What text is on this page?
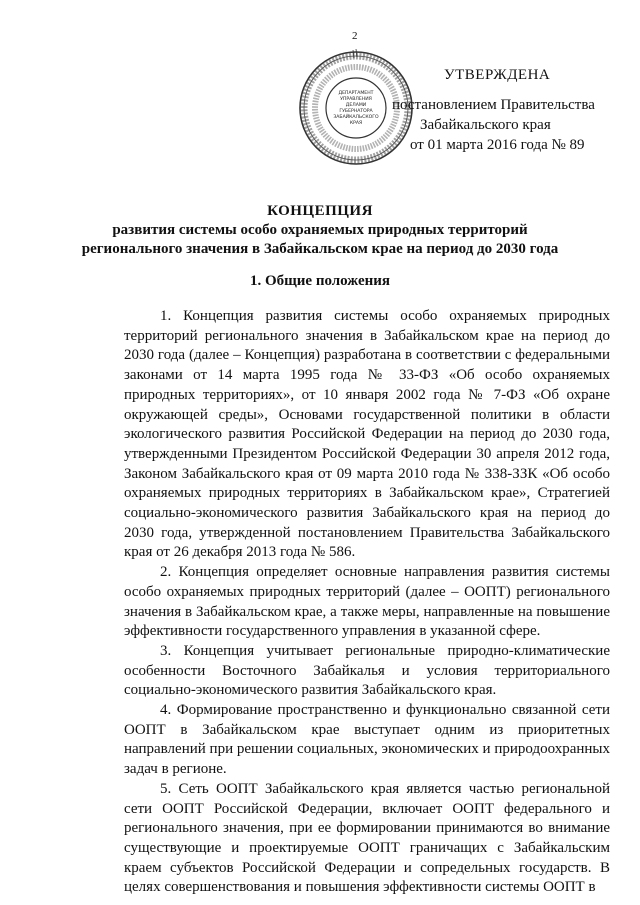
2
ДЕПАРТАМЕНТ
УПРАВЛЕНИЯ
ДЕЛАМИ
ГУБЕРНАТОРА
ЗАБАЙКАЛЬСКОГО
КРАЯ
УТВЕРЖДЕНА
постановлением Правительства
Забайкальского края
от 01 марта 2016 года № 89
КОНЦЕПЦИЯ
развития системы особо охраняемых природных территорий
регионального значения в Забайкальском крае на период до 2030 года
1. Общие положения

1. Концепция развития системы особо охраняемых природных территорий регионального значения в Забайкальском крае на период до 2030 года (далее – Концепция) разработана в соответствии с федеральными законами от 14 марта 1995 года № 33-ФЗ «Об особо охраняемых природных территориях», от 10 января 2002 года № 7-ФЗ «Об охране окружающей среды», Основами государственной политики в области экологического развития Российской Федерации на период до 2030 года, утвержденными Президентом Российской Федерации 30 апреля 2012 года, Законом Забайкальского края от 09 марта 2010 года № 338-ЗЗК «Об особо охраняемых природных территориях в Забайкальском крае», Стратегией социально-экономического развития Забайкальского края на период до 2030 года, утвержденной постановлением Правительства Забайкальского края от 26 декабря 2013 года № 586.

2. Концепция определяет основные направления развития системы особо охраняемых природных территорий (далее – ООПТ) регионального значения в Забайкальском крае, а также меры, направленные на повышение эффективности государственного управления в указанной сфере.

3. Концепция учитывает региональные природно-климатические особенности Восточного Забайкалья и условия территориального социально-экономического развития Забайкальского края.

4. Формирование пространственно и функционально связанной сети ООПТ в Забайкальском крае выступает одним из приоритетных направлений при решении социальных, экономических и природоохранных задач в регионе.

5. Сеть ООПТ Забайкальского края является частью региональной сети ООПТ Российской Федерации, включает ООПТ федерального и регионального значения, при ее формировании принимаются во внимание существующие и проектируемые ООПТ граничащих с Забайкальским краем субъектов Российской Федерации и сопредельных государств. В целях совершенствования и повышения эффективности системы ООПТ в
